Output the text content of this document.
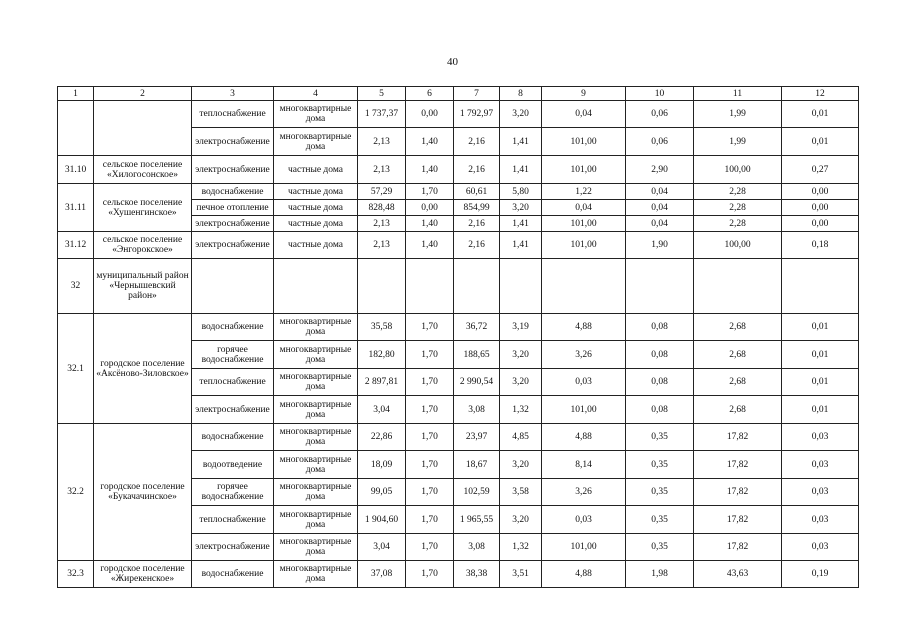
40
1	2	3	4	5	6	7	8	9	10	11	12
		теплоснабжение	многоквартирные дома	1 737,37	0,00	1 792,97	3,20	0,04	0,06	1,99	0,01
		электроснабжение	многоквартирные дома	2,13	1,40	2,16	1,41	101,00	0,06	1,99	0,01
31.10	сельское поселение «Хилогосонское»	электроснабжение	частные дома	2,13	1,40	2,16	1,41	101,00	2,90	100,00	0,27
31.11	сельское поселение «Хушенгинское»	водоснабжение	частные дома	57,29	1,70	60,61	5,80	1,22	0,04	2,28	0,00
		печное отопление	частные дома	828,48	0,00	854,99	3,20	0,04	0,04	2,28	0,00
		электроснабжение	частные дома	2,13	1,40	2,16	1,41	101,00	0,04	2,28	0,00
31.12	сельское поселение «Энгорокское»	электроснабжение	частные дома	2,13	1,40	2,16	1,41	101,00	1,90	100,00	0,18
32	муниципальный район «Чернышевский район»										
32.1	городское поселение «Аксёново-Зиловское»	водоснабжение	многоквартирные дома	35,58	1,70	36,72	3,19	4,88	0,08	2,68	0,01
		горячее водоснабжение	многоквартирные дома	182,80	1,70	188,65	3,20	3,26	0,08	2,68	0,01
		теплоснабжение	многоквартирные дома	2 897,81	1,70	2 990,54	3,20	0,03	0,08	2,68	0,01
		электроснабжение	многоквартирные дома	3,04	1,70	3,08	1,32	101,00	0,08	2,68	0,01
32.2	городское поселение «Букачачинское»	водоснабжение	многоквартирные дома	22,86	1,70	23,97	4,85	4,88	0,35	17,82	0,03
		водоотведение	многоквартирные дома	18,09	1,70	18,67	3,20	8,14	0,35	17,82	0,03
		горячее водоснабжение	многоквартирные дома	99,05	1,70	102,59	3,58	3,26	0,35	17,82	0,03
		теплоснабжение	многоквартирные дома	1 904,60	1,70	1 965,55	3,20	0,03	0,35	17,82	0,03
		электроснабжение	многоквартирные дома	3,04	1,70	3,08	1,32	101,00	0,35	17,82	0,03
32.3	городское поселение «Жирекенское»	водоснабжение	многоквартирные дома	37,08	1,70	38,38	3,51	4,88	1,98	43,63	0,19
